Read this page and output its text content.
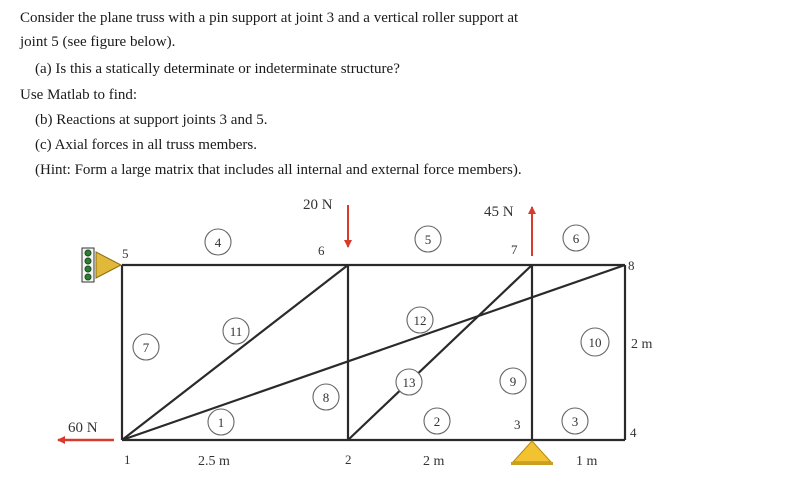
Consider the plane truss with a pin support at joint 3 and a vertical roller support at
joint 5 (see figure below).
(a) Is this a statically determinate or indeterminate structure?
Use Matlab to find:
(b) Reactions at support joints 3 and 5.
(c) Axial forces in all truss members.
(Hint: Form a large matrix that includes all internal and external force members).
20 N	45 N
60 N
1	2
3
4
5	6	7
8
4	5	6
7
11
12
13
8
1	2
9
3
10
2.5 m	2 m	1 m
2 m
